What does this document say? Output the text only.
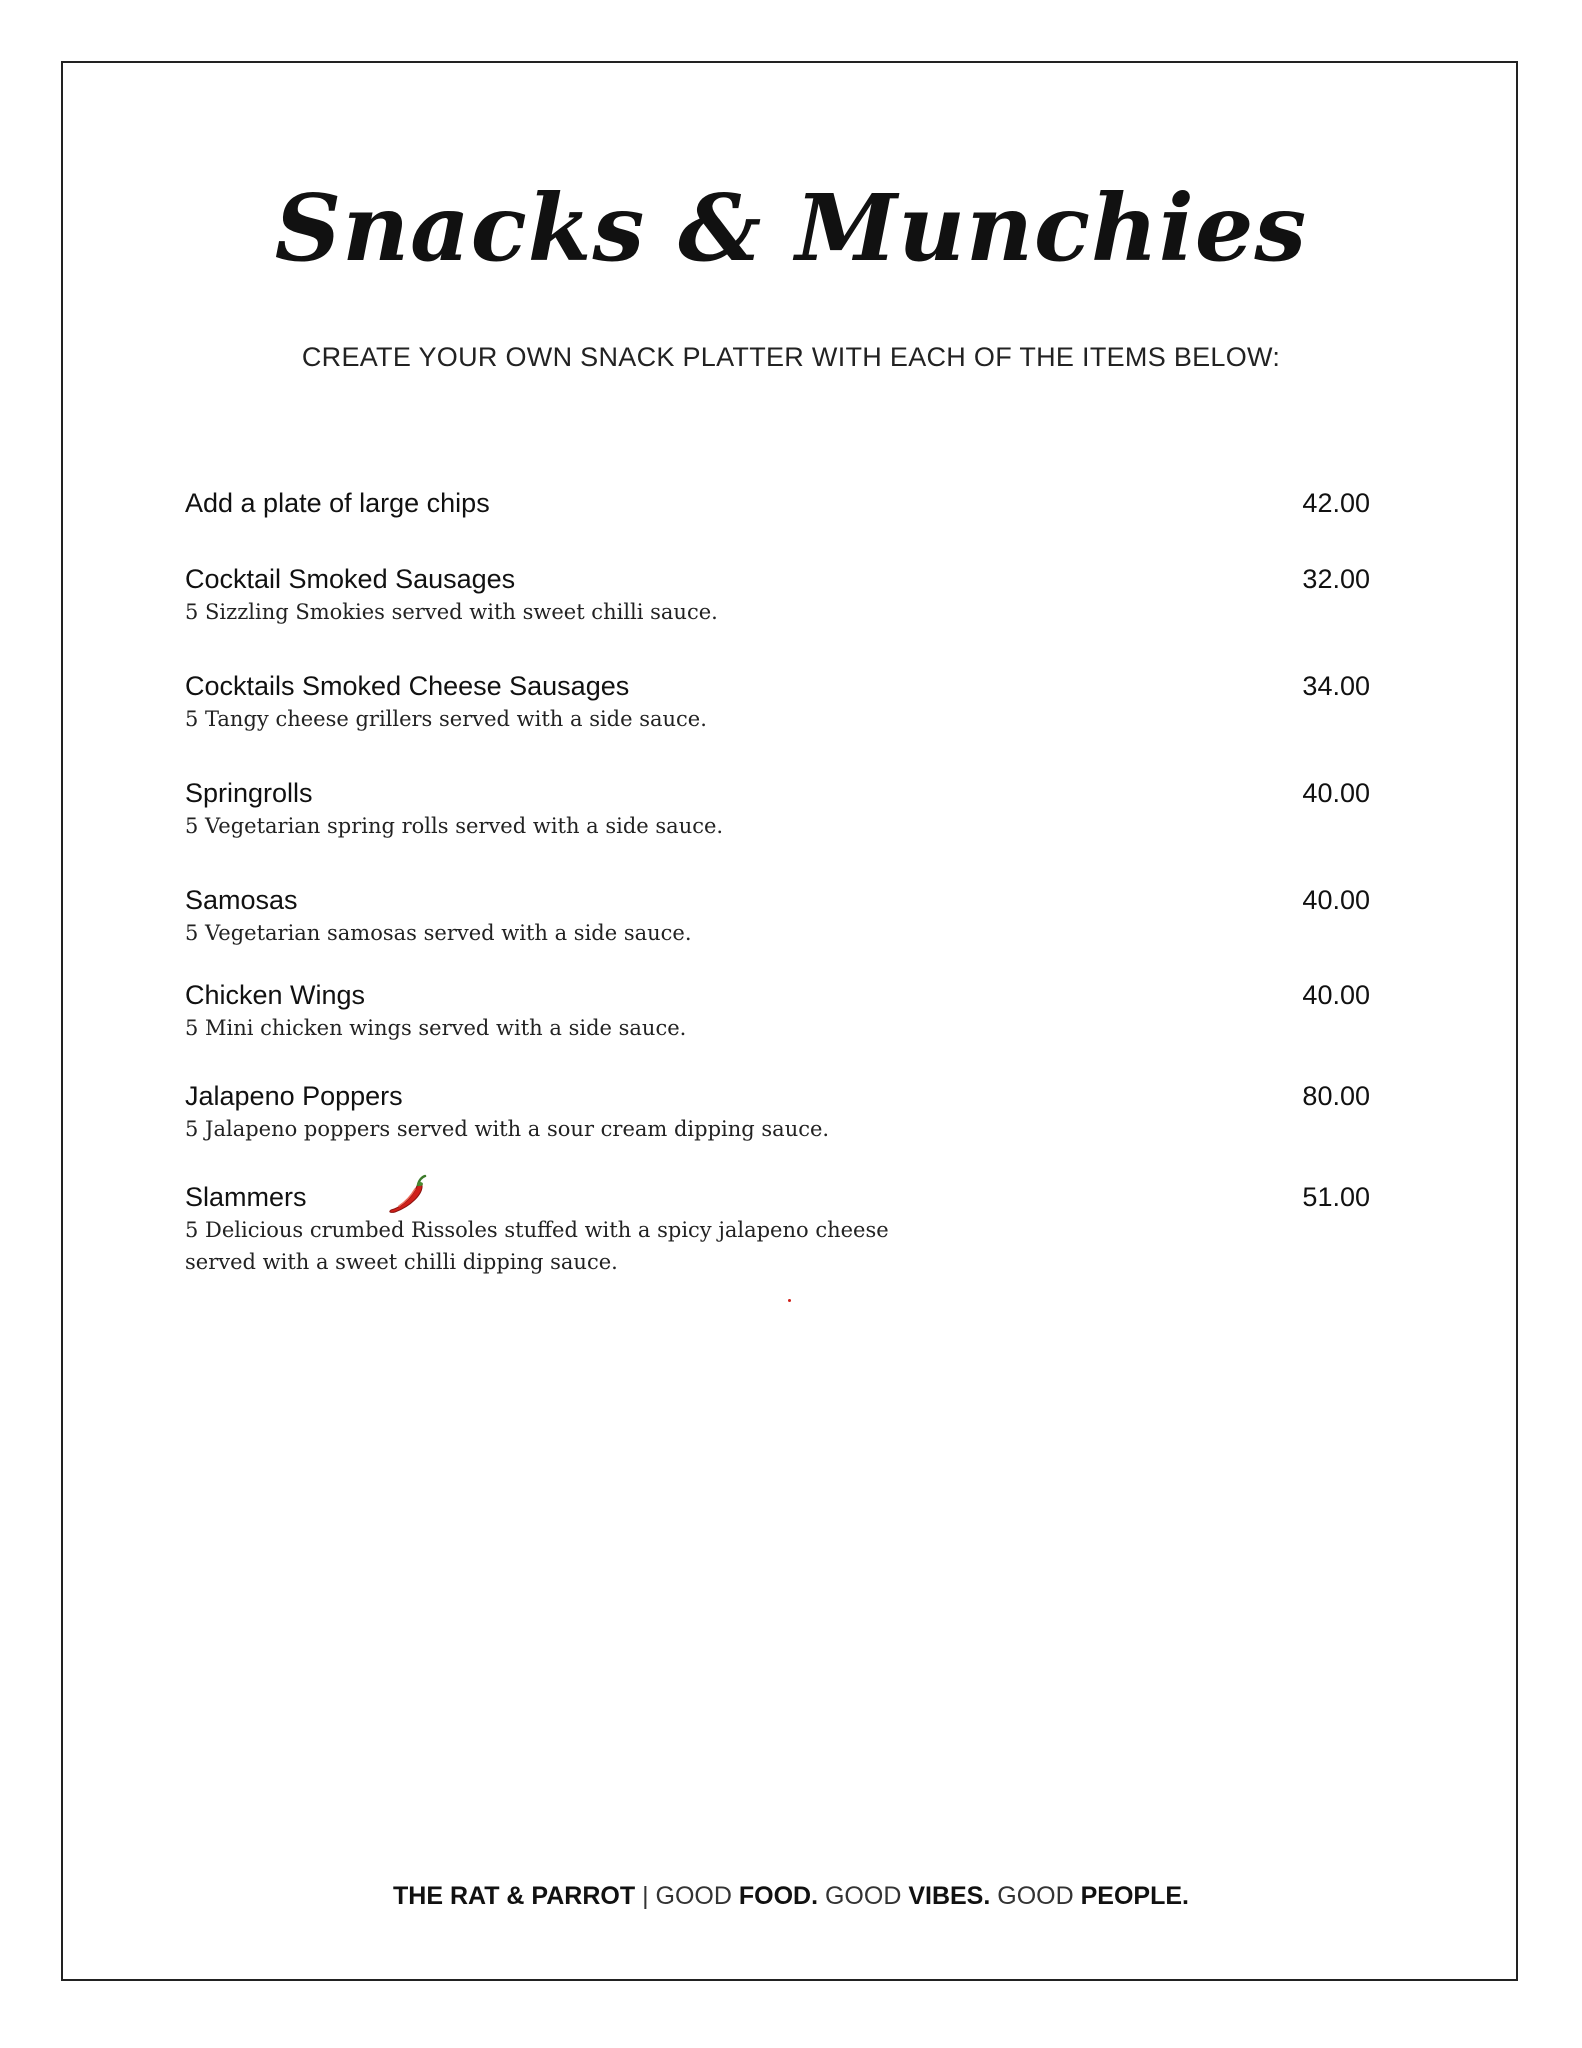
Snacks & Munchies
CREATE YOUR OWN SNACK PLATTER WITH EACH OF THE ITEMS BELOW:
Add a plate of large chips	42.00
Cocktail Smoked Sausages	32.00
5 Sizzling Smokies served with sweet chilli sauce.
Cocktails Smoked Cheese Sausages	34.00
5 Tangy cheese grillers served with a side sauce.
Springrolls	40.00
5 Vegetarian spring rolls served with a side sauce.
Samosas	40.00
5 Vegetarian samosas served with a side sauce.
Chicken Wings	40.00
5 Mini chicken wings served with a side sauce.
Jalapeno Poppers	80.00
5 Jalapeno poppers served with a sour cream dipping sauce.
Slammers	51.00
5 Delicious crumbed Rissoles stuffed with a spicy jalapeno cheese served with a sweet chilli dipping sauce.
THE RAT & PARROT | GOOD FOOD. GOOD VIBES. GOOD PEOPLE.
